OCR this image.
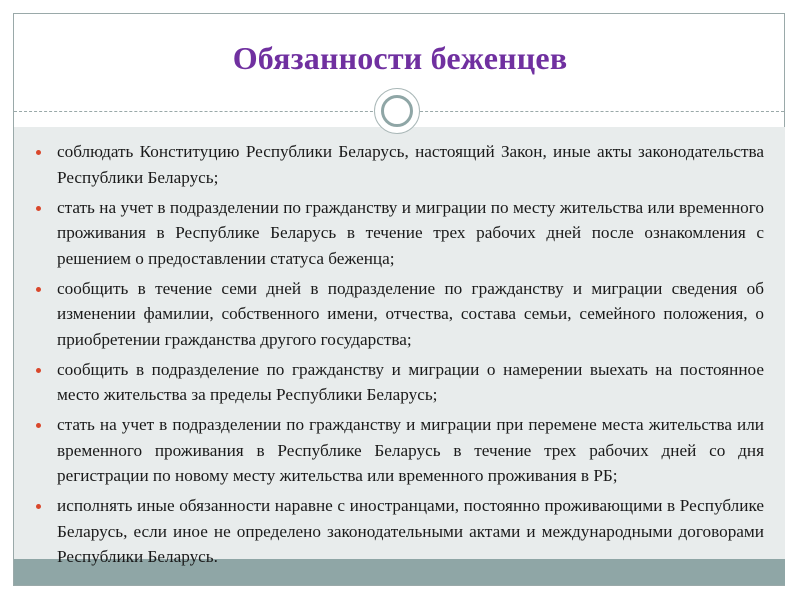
Обязанности беженцев
соблюдать Конституцию Республики Беларусь, настоящий Закон, иные акты законодательства Республики Беларусь;
стать на учет в подразделении по гражданству и миграции по месту жительства или временного проживания в Республике Беларусь в течение трех рабочих дней после ознакомления с решением о предоставлении статуса беженца;
сообщить в течение семи дней в подразделение по гражданству и миграции сведения об изменении фамилии, собственного имени, отчества, состава семьи, семейного положения, о приобретении гражданства другого государства;
сообщить в подразделение по гражданству и миграции о намерении выехать на постоянное место жительства за пределы Республики Беларусь;
стать на учет в подразделении по гражданству и миграции при перемене места жительства или временного проживания в Республике Беларусь в течение трех рабочих дней со дня регистрации по новому месту жительства или временного проживания в РБ;
исполнять иные обязанности наравне с иностранцами, постоянно проживающими в Республике Беларусь, если иное не определено законодательными актами и международными договорами Республики Беларусь.
